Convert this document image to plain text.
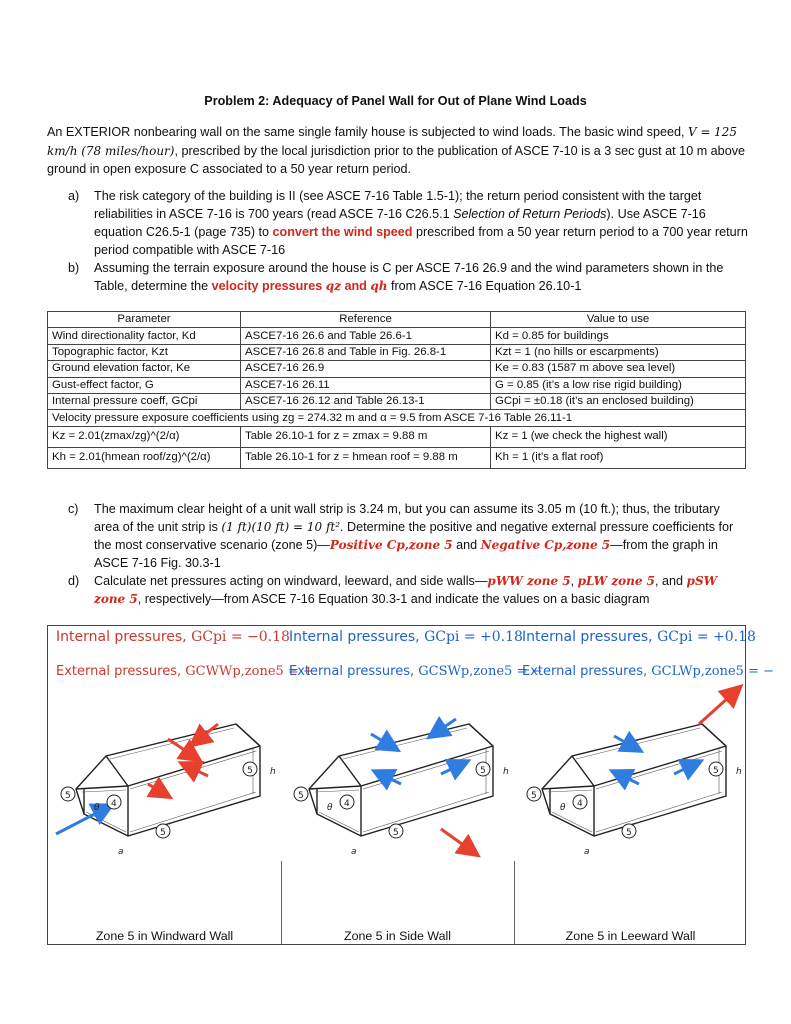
Problem 2: Adequacy of Panel Wall for Out of Plane Wind Loads
An EXTERIOR nonbearing wall on the same single family house is subjected to wind loads. The basic wind speed, V = 125 km/h (78 miles/hour), prescribed by the local jurisdiction prior to the publication of ASCE 7-10 is a 3 sec gust at 10 m above ground in open exposure C associated to a 50 year return period.
a) The risk category of the building is II (see ASCE 7-16 Table 1.5-1); the return period consistent with the target reliabilities in ASCE 7-16 is 700 years (read ASCE 7-16 C26.5.1 Selection of Return Periods). Use ASCE 7-16 equation C26.5-1 (page 735) to convert the wind speed prescribed from a 50 year return period to a 700 year return period compatible with ASCE 7-16
b) Assuming the terrain exposure around the house is C per ASCE 7-16 26.9 and the wind parameters shown in the Table, determine the velocity pressures qz and qh from ASCE 7-16 Equation 26.10-1
Parameter	Reference	Value to use
Wind directionality factor, Kd	ASCE7-16 26.6 and Table 26.6-1	Kd = 0.85 for buildings
Topographic factor, Kzt	ASCE7-16 26.8 and Table in Fig. 26.8-1	Kzt = 1 (no hills or escarpments)
Ground elevation factor, Ke	ASCE7-16 26.9	Ke = 0.83 (1587 m above sea level)
Gust-effect factor, G	ASCE7-16 26.11	G = 0.85 (it’s a low rise rigid building)
Internal pressure coeff, GCpi	ASCE7-16 26.12 and Table 26.13-1	GCpi = ±0.18 (it’s an enclosed building)
Velocity pressure exposure coefficients using zg = 274.32 m and α = 9.5 from ASCE 7-16 Table 26.11-1		
Kz = 2.01(zmax/zg)^(2/α)	Table 26.10-1 for z = zmax = 9.88 m	Kz = 1 (we check the highest wall)
Kh = 2.01(hmean roof/zg)^(2/α)	Table 26.10-1 for z = hmean roof = 9.88 m	Kh = 1 (it’s a flat roof)
c) The maximum clear height of a unit wall strip is 3.24 m, but you can assume its 3.05 m (10 ft.); thus, the tributary area of the unit strip is (1 ft)(10 ft) = 10 ft². Determine the positive and negative external pressure coefficients for the most conservative scenario (zone 5)—Positive Cp,zone 5 and Negative Cp,zone 5—from the graph in ASCE 7-16 Fig. 30.3-1
d) Calculate net pressures acting on windward, leeward, and side walls—pWW zone 5, pLW zone 5, and pSW zone 5, respectively—from ASCE 7-16 Equation 30.3-1 and indicate the values on a basic diagram
Internal pressures, GCpi = −0.18
External pressures, GCWWp,zone5 = +
5
4
5
5
θ
h
a
Zone 5 in Windward Wall
Internal pressures, GCpi = +0.18
External pressures, GCSWp,zone5 = −
5
4
5
5
θ
h
a
Zone 5 in Side Wall
Internal pressures, GCpi = +0.18
External pressures, GCLWp,zone5 = −
5
4
5
5
θ
h
a
Zone 5 in Leeward Wall
